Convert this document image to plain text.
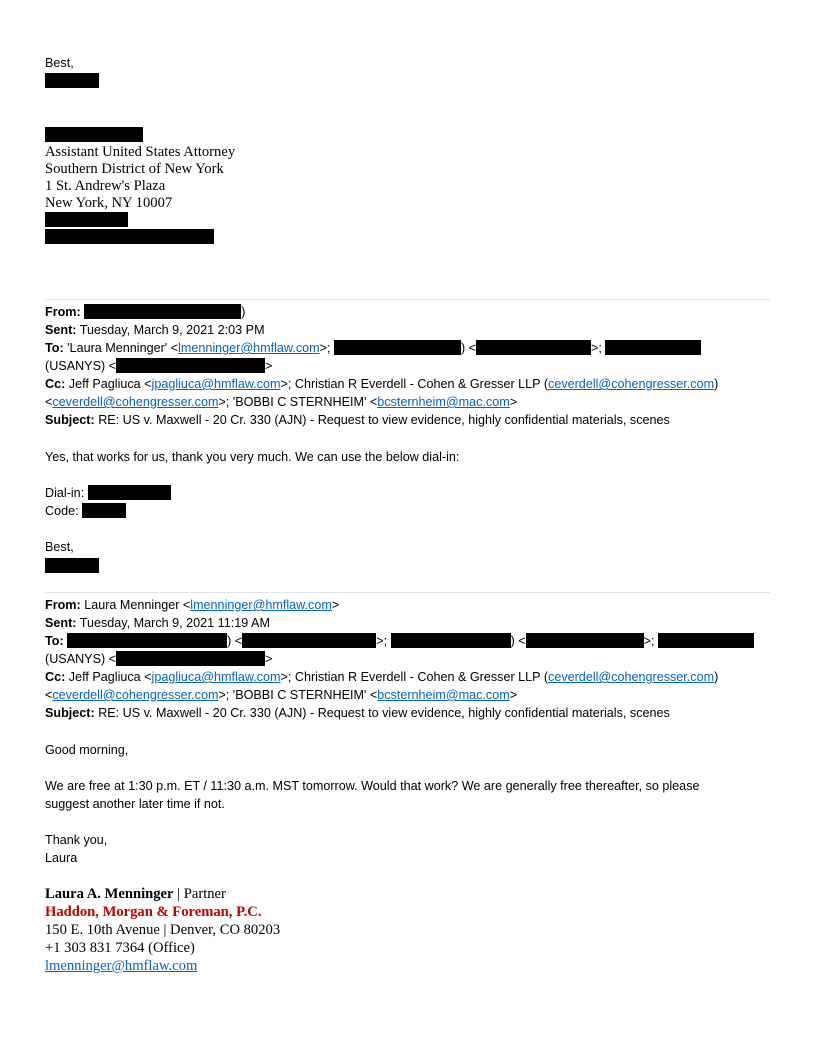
Best,
Assistant United States Attorney
Southern District of New York
1 St. Andrew's Plaza
New York, NY 10007
From:	)
Sent: Tuesday, March 9, 2021 2:03 PM
To: 'Laura Menninger' <lmenninger@hmflaw.com>;	) <	>;
(USANYS) <	>
Cc: Jeff Pagliuca <jpagliuca@hmflaw.com>; Christian R Everdell - Cohen & Gresser LLP (ceverdell@cohengresser.com)
<ceverdell@cohengresser.com>; 'BOBBI C STERNHEIM' <bcsternheim@mac.com>
Subject: RE: US v. Maxwell - 20 Cr. 330 (AJN) - Request to view evidence, highly confidential materials, scenes
Yes, that works for us, thank you very much. We can use the below dial-in:
Dial-in:
Code:
Best,
From: Laura Menninger <lmenninger@hmflaw.com>
Sent: Tuesday, March 9, 2021 11:19 AM
To:	) <	>;	) <	>;
(USANYS) <	>
Cc: Jeff Pagliuca <jpagliuca@hmflaw.com>; Christian R Everdell - Cohen & Gresser LLP (ceverdell@cohengresser.com)
<ceverdell@cohengresser.com>; 'BOBBI C STERNHEIM' <bcsternheim@mac.com>
Subject: RE: US v. Maxwell - 20 Cr. 330 (AJN) - Request to view evidence, highly confidential materials, scenes
Good morning,
We are free at 1:30 p.m. ET / 11:30 a.m. MST tomorrow. Would that work? We are generally free thereafter, so please
suggest another later time if not.
Thank you,
Laura
Laura A. Menninger | Partner
Haddon, Morgan & Foreman, P.C.
150 E. 10th Avenue | Denver, CO 80203
+1 303 831 7364 (Office)
lmenninger@hmflaw.com
